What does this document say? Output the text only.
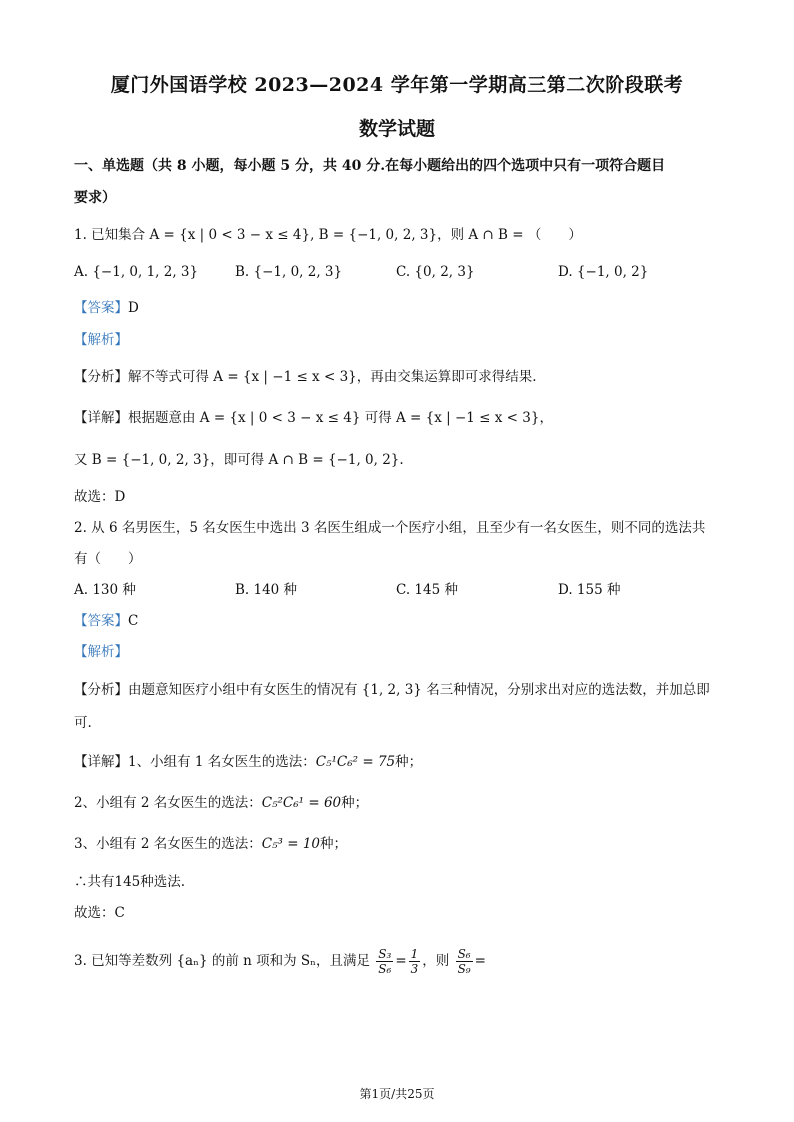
厦门外国语学校 2023—2024 学年第一学期高三第二次阶段联考
数学试题
一、单选题（共 8 小题，每小题 5 分，共 40 分.在每小题给出的四个选项中只有一项符合题目
要求）
1. 已知集合 A = {x | 0 < 3 − x ≤ 4}, B = {−1, 0, 2, 3}，则 A ∩ B = （　　）
A. {−1, 0, 1, 2, 3}	B. {−1, 0, 2, 3}	C. {0, 2, 3}	D. {−1, 0, 2}
【答案】D
【解析】
【分析】解不等式可得 A = {x | −1 ≤ x < 3}，再由交集运算即可求得结果.
【详解】根据题意由 A = {x | 0 < 3 − x ≤ 4} 可得 A = {x | −1 ≤ x < 3}，
又 B = {−1, 0, 2, 3}，即可得 A ∩ B = {−1, 0, 2}.
故选：D
2. 从 6 名男医生，5 名女医生中选出 3 名医生组成一个医疗小组，且至少有一名女医生，则不同的选法共
有（　　）
A. 130 种	B. 140 种	C. 145 种	D. 155 种
【答案】C
【解析】
【分析】由题意知医疗小组中有女医生的情况有 {1, 2, 3} 名三种情况，分别求出对应的选法数，并加总即
可.
【详解】1、小组有 1 名女医生的选法：C₅¹C₆² = 75种；
2、小组有 2 名女医生的选法：C₅²C₆¹ = 60种；
3、小组有 2 名女医生的选法：C₅³ = 10种；
∴共有145种选法.
故选：C
3. 已知等差数列 {aₙ} 的前 n 项和为 Sₙ，且满足 $\frac{\text{S₃}}{\text{S₆}} = \frac{1}{3}$ ，则 $\frac{\text{S₆}}{\text{S₉}}$ =
第1页/共25页
